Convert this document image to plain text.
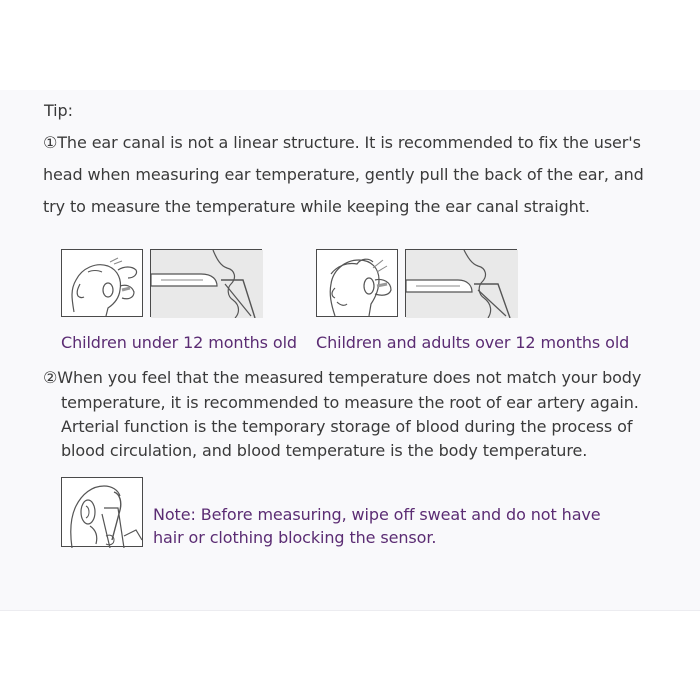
Tip:
①The ear canal is not a linear structure. It is recommended to fix the user's
head when measuring ear temperature, gently pull the back of the ear, and
try to measure the temperature while keeping the ear canal straight.
Children under 12 months old Children and adults over 12 months old
②When you feel that the measured temperature does not match your body
temperature, it is recommended to measure the root of ear artery again.
Arterial function is the temporary storage of blood during the process of
blood circulation, and blood temperature is the body temperature.
Note: Before measuring, wipe off sweat and do not have
hair or clothing blocking the sensor.
